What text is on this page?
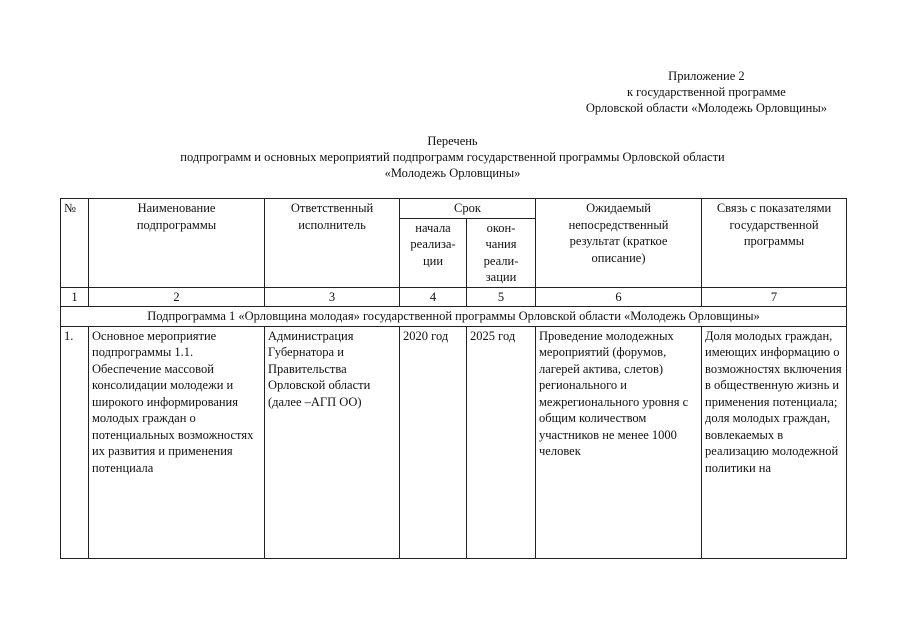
Приложение 2
к государственной программе
Орловской области «Молодежь Орловщины»
Перечень
подпрограмм и основных мероприятий подпрограмм государственной программы Орловской области
«Молодежь Орловщины»
№	Наименование подпрограммы	Ответственный исполнитель	Срок		Ожидаемый непосредственный результат (краткое описание)	Связь с показателями государственной программы
			начала реализа-ции	окон-чания реали-зации		
1	2	3	4	5	6	7
Подпрограмма 1 «Орловщина молодая» государственной программы Орловской области «Молодежь Орловщины»						
1.	Основное мероприятие подпрограммы 1.1. Обеспечение массовой консолидации молодежи и широкого информирования молодых граждан о потенциальных возможностях их развития и применения потенциала	Администрация Губернатора и Правительства Орловской области (далее –АГП ОО)	2020 год	2025 год	Проведение молодежных мероприятий (форумов, лагерей актива, слетов) регионального и межрегионального уровня с общим количеством участников не менее 1000 человек	Доля молодых граждан, имеющих информацию о возможностях включения в общественную жизнь и применения потенциала; доля молодых граждан, вовлекаемых в реализацию молодежной политики на
